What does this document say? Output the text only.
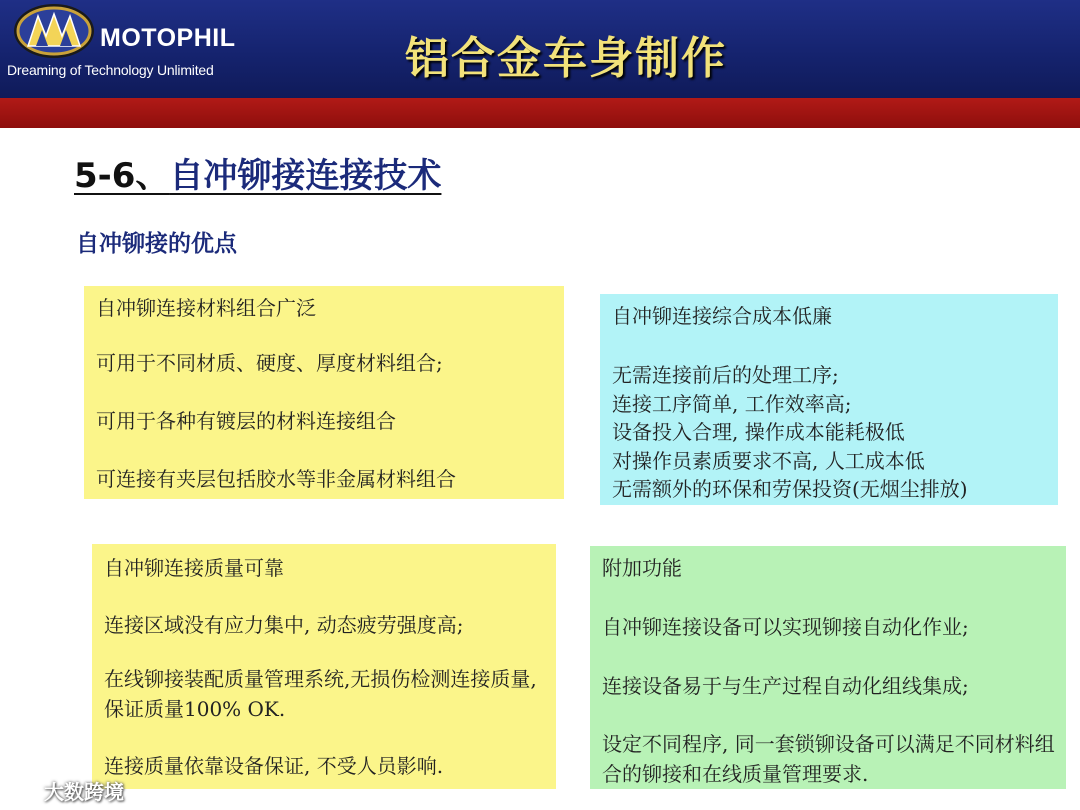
MOTOPHIL
Dreaming of Technology Unlimited	铝合金车身制作
5-6、自冲铆接连接技术
自冲铆接的优点

自冲铆连接材料组合广泛

可用于不同材质、硬度、厚度材料组合;

可用于各种有镀层的材料连接组合

可连接有夹层包括胶水等非金属材料组合

自冲铆连接综合成本低廉

无需连接前后的处理工序;

连接工序简单, 工作效率高;

设备投入合理, 操作成本能耗极低

对操作员素质要求不高, 人工成本低

无需额外的环保和劳保投资(无烟尘排放)

自冲铆连接质量可靠

连接区域没有应力集中, 动态疲劳强度高;

在线铆接装配质量管理系统,无损伤检测连接质量, 保证质量100% OK.

连接质量依靠设备保证, 不受人员影响.

附加功能

自冲铆连接设备可以实现铆接自动化作业;

连接设备易于与生产过程自动化组线集成;

设定不同程序, 同一套锁铆设备可以满足不同材料组合的铆接和在线质量管理要求.

大数跨境
